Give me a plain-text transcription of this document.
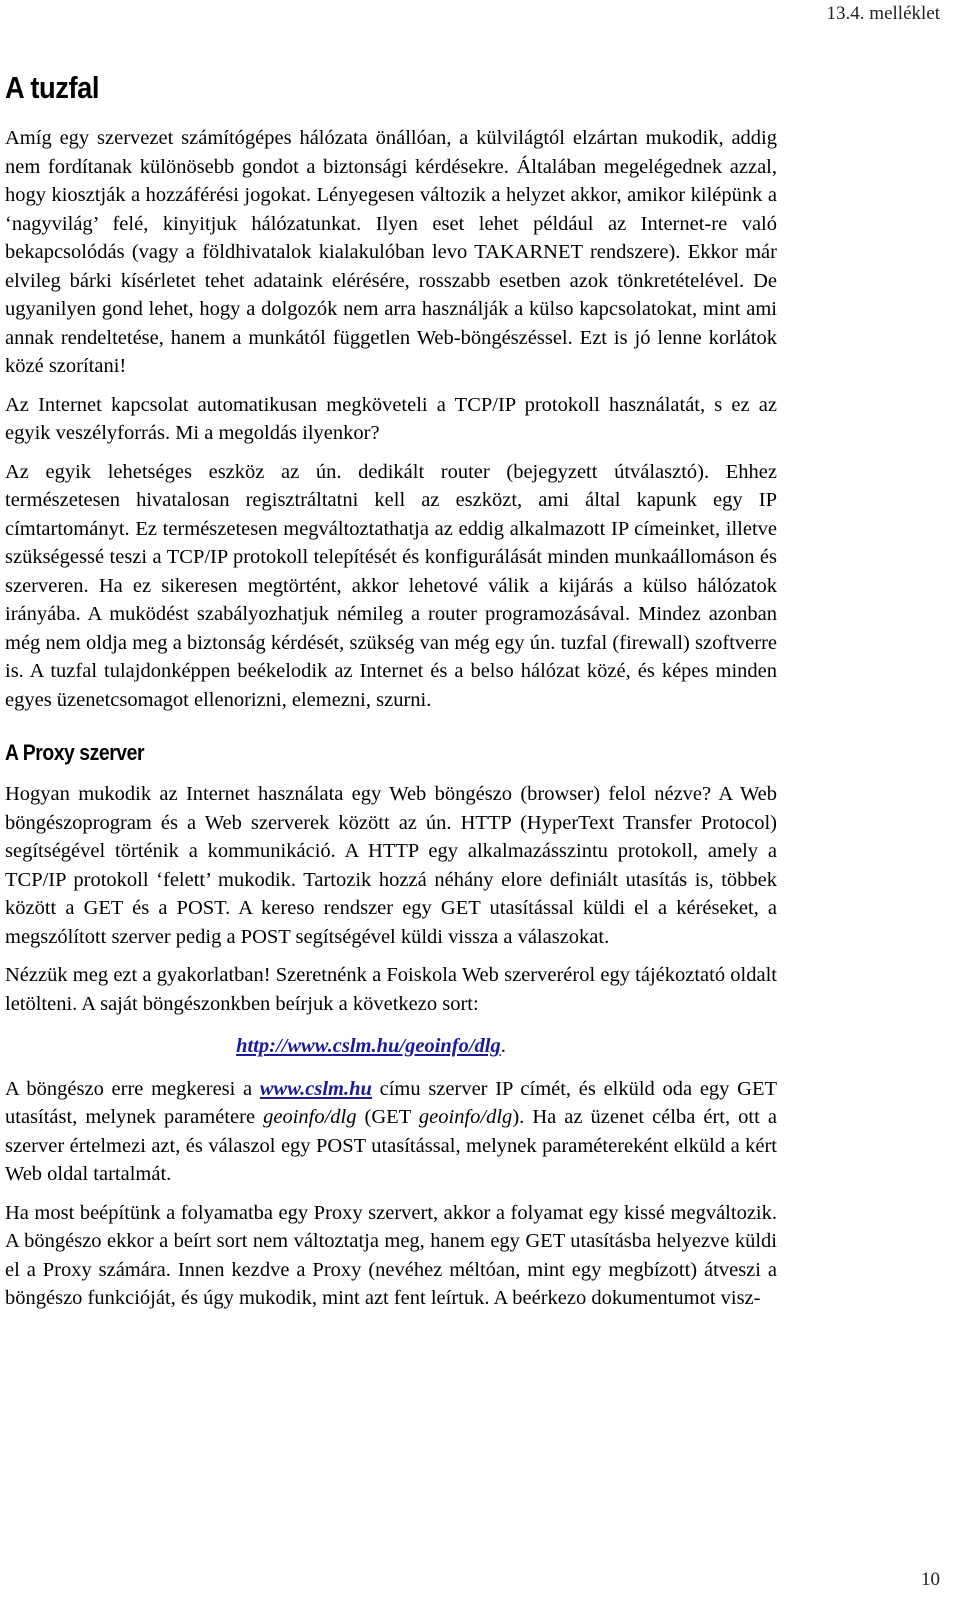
13.4. melléklet
A tuzfal

Amíg egy szervezet számítógépes hálózata önállóan, a külvilágtól elzártan mukodik, addig nem fordítanak különösebb gondot a biztonsági kérdésekre. Általában megelégednek azzal, hogy kiosztják a hozzáférési jogokat. Lényegesen változik a helyzet akkor, amikor kilépünk a ‘nagyvilág’ felé, kinyitjuk hálózatunkat. Ilyen eset lehet például az Internet-re való bekapcsolódás (vagy a földhivatalok kialakulóban levo TAKARNET rendszere). Ekkor már elvileg bárki kísérletet tehet adataink elérésére, rosszabb esetben azok tönkretételével. De ugyanilyen gond lehet, hogy a dolgozók nem arra használják a külso kapcsolatokat, mint ami annak rendeltetése, hanem a munkától független Web-böngészéssel. Ezt is jó lenne korlátok közé szorítani!

Az Internet kapcsolat automatikusan megköveteli a TCP/IP protokoll használatát, s ez az egyik veszélyforrás. Mi a megoldás ilyenkor?

Az egyik lehetséges eszköz az ún. dedikált router (bejegyzett útválasztó). Ehhez természetesen hivatalosan regisztráltatni kell az eszközt, ami által kapunk egy IP címtartományt. Ez természetesen megváltoztathatja az eddig alkalmazott IP címeinket, illetve szükségessé teszi a TCP/IP protokoll telepítését és konfigurálását minden munkaállomáson és szerveren. Ha ez sikeresen megtörtént, akkor lehetové válik a kijárás a külso hálózatok irányába. A muködést szabályozhatjuk némileg a router programozásával. Mindez azonban még nem oldja meg a biztonság kérdését, szükség van még egy ún. tuzfal (firewall) szoftverre is. A tuzfal tulajdonképpen beékelodik az Internet és a belso hálózat közé, és képes minden egyes üzenetcsomagot ellenorizni, elemezni, szurni.

A Proxy szerver

Hogyan mukodik az Internet használata egy Web böngészo (browser) felol nézve? A Web böngészoprogram és a Web szerverek között az ún. HTTP (HyperText Transfer Protocol) segítségével történik a kommunikáció. A HTTP egy alkalmazásszintu protokoll, amely a TCP/IP protokoll ‘felett’ mukodik. Tartozik hozzá néhány elore definiált utasítás is, többek között a GET és a POST. A kereso rendszer egy GET utasítással küldi el a kéréseket, a megszólított szerver pedig a POST segítségével küldi vissza a válaszokat.

Nézzük meg ezt a gyakorlatban! Szeretnénk a Foiskola Web szerverérol egy tájékoztató oldalt letölteni. A saját böngészonkben beírjuk a következo sort:

http://www.cslm.hu/geoinfo/dlg.

A böngészo erre megkeresi a www.cslm.hu címu szerver IP címét, és elküld oda egy GET utasítást, melynek paramétere geoinfo/dlg (GET geoinfo/dlg). Ha az üzenet célba ért, ott a szerver értelmezi azt, és válaszol egy POST utasítással, melynek paramétereként elküld a kért Web oldal tartalmát.

Ha most beépítünk a folyamatba egy Proxy szervert, akkor a folyamat egy kissé megváltozik. A böngészo ekkor a beírt sort nem változtatja meg, hanem egy GET utasításba helyezve küldi el a Proxy számára. Innen kezdve a Proxy (nevéhez méltóan, mint egy megbízott) átveszi a böngészo funkcióját, és úgy mukodik, mint azt fent leírtuk. A beérkezo dokumentumot visz-

10
